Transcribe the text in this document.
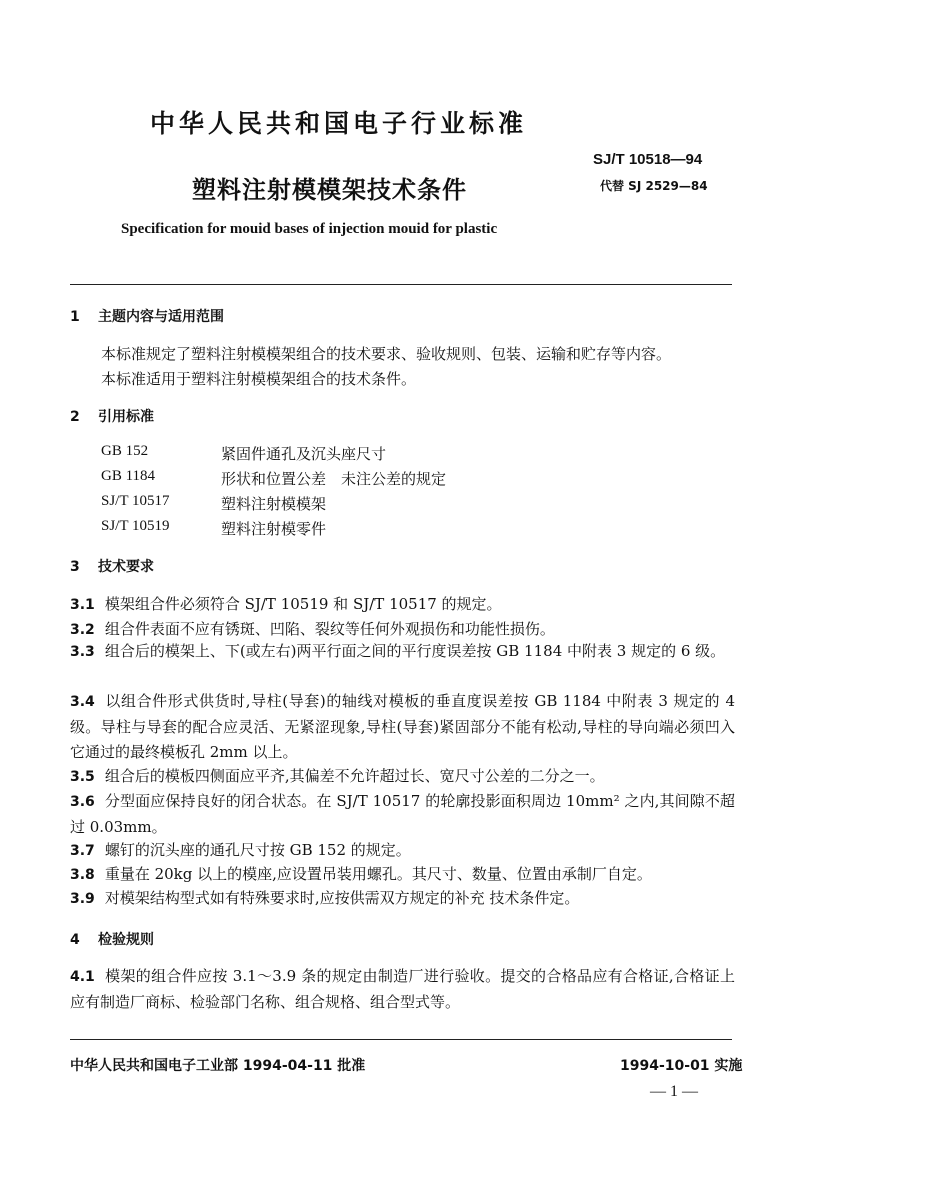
中华人民共和国电子行业标准
SJ/T 10518—94
代替 SJ 2529—84
塑料注射模模架技术条件
Specification for mouid bases of injection mouid for plastic
1 主题内容与适用范围
本标准规定了塑料注射模模架组合的技术要求、验收规则、包装、运输和贮存等内容。
本标准适用于塑料注射模模架组合的技术条件。
2 引用标准
GB 152	紧固件通孔及沉头座尺寸
GB 1184	形状和位置公差　未注公差的规定
SJ/T 10517	塑料注射模模架
SJ/T 10519	塑料注射模零件
3 技术要求
3.1 模架组合件必须符合 SJ/T 10519 和 SJ/T 10517 的规定。
3.2 组合件表面不应有锈斑、凹陷、裂纹等任何外观损伤和功能性损伤。
3.3 组合后的模架上、下(或左右)两平行面之间的平行度误差按 GB 1184 中附表 3 规定的 6 级。
3.4 以组合件形式供货时,导柱(导套)的轴线对模板的垂直度误差按 GB 1184 中附表 3 规定的 4 级。导柱与导套的配合应灵活、无紧涩现象,导柱(导套)紧固部分不能有松动,导柱的导向端必须凹入它通过的最终模板孔 2mm 以上。
3.5 组合后的模板四侧面应平齐,其偏差不允许超过长、宽尺寸公差的二分之一。
3.6 分型面应保持良好的闭合状态。在 SJ/T 10517 的轮廓投影面积周边 10mm² 之内,其间隙不超过 0.03mm。
3.7 螺钉的沉头座的通孔尺寸按 GB 152 的规定。
3.8 重量在 20kg 以上的模座,应设置吊装用螺孔。其尺寸、数量、位置由承制厂自定。
3.9 对模架结构型式如有特殊要求时,应按供需双方规定的补充 技术条件定。
4 检验规则
4.1 模架的组合件应按 3.1～3.9 条的规定由制造厂进行验收。提交的合格品应有合格证,合格证上应有制造厂商标、检验部门名称、组合规格、组合型式等。
中华人民共和国电子工业部 1994-04-11 批准	1994-10-01 实施
— 1 —
